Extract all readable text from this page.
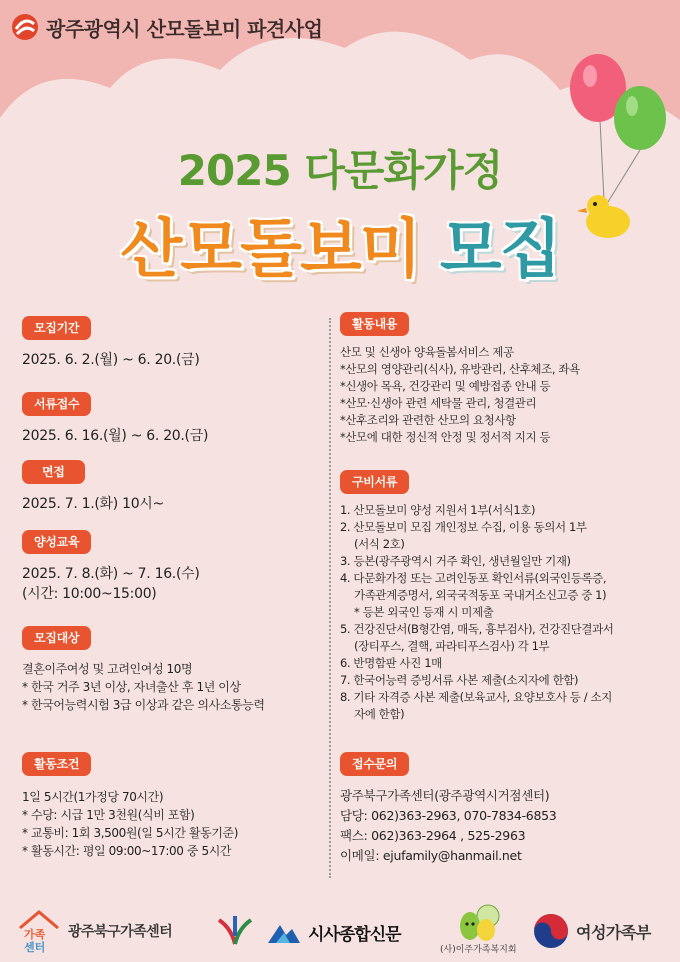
광주광역시 산모돌보미 파견사업
2025 다문화가정
산모돌보미 모집
모집기간
2025. 6. 2.(월) ~ 6. 20.(금)
서류접수
2025. 6. 16.(월) ~ 6. 20.(금)
면접
2025. 7. 1.(화) 10시~
양성교육
2025. 7. 8.(화) ~ 7. 16.(수)
(시간: 10:00~15:00)
모집대상
결혼이주여성 및 고려인여성 10명
* 한국 거주 3년 이상, 자녀출산 후 1년 이상
* 한국어능력시험 3급 이상과 같은 의사소통능력
활동조건
1일 5시간(1가정당 70시간)
* 수당: 시급 1만 3천원(식비 포함)
* 교통비: 1회 3,500원(일 5시간 활동기준)
* 활동시간: 평일 09:00~17:00 중 5시간
활동내용
산모 및 신생아 양육돌봄서비스 제공
*산모의 영양관리(식사), 유방관리, 산후체조, 좌욕
*신생아 목욕, 건강관리 및 예방접종 안내 등
*산모·신생아 관련 세탁물 관리, 청결관리
*산후조리와 관련한 산모의 요청사항
*산모에 대한 정신적 안정 및 정서적 지지 등
구비서류
1. 산모돌보미 양성 지원서 1부(서식1호)
2. 산모돌보미 모집 개인정보 수집, 이용 동의서 1부
(서식 2호)
3. 등본(광주광역시 거주 확인, 생년월일만 기재)
4. 다문화가정 또는 고려인동포 확인서류(외국인등록증,
가족관계증명서, 외국국적동포 국내거소신고증 중 1)
* 등본 외국인 등재 시 미제출
5. 건강진단서(B형간염, 매독, 흉부검사), 건강진단결과서
(장티푸스, 결핵, 파라티푸스검사) 각 1부
6. 반명함판 사진 1매
7. 한국어능력 증빙서류 사본 제출(소지자에 한함)
8. 기타 자격증 사본 제출(보육교사, 요양보호사 등 / 소지
자에 한함)
접수문의
광주북구가족센터(광주광역시거점센터)
담당: 062)363-2963, 070-7834-6853
팩스: 062)363-2964 , 525-2963
이메일: ejufamily@hanmail.net
가족
센터
광주북구가족센터	시사종합신문
(사)이주가족복지회
여성가족부
